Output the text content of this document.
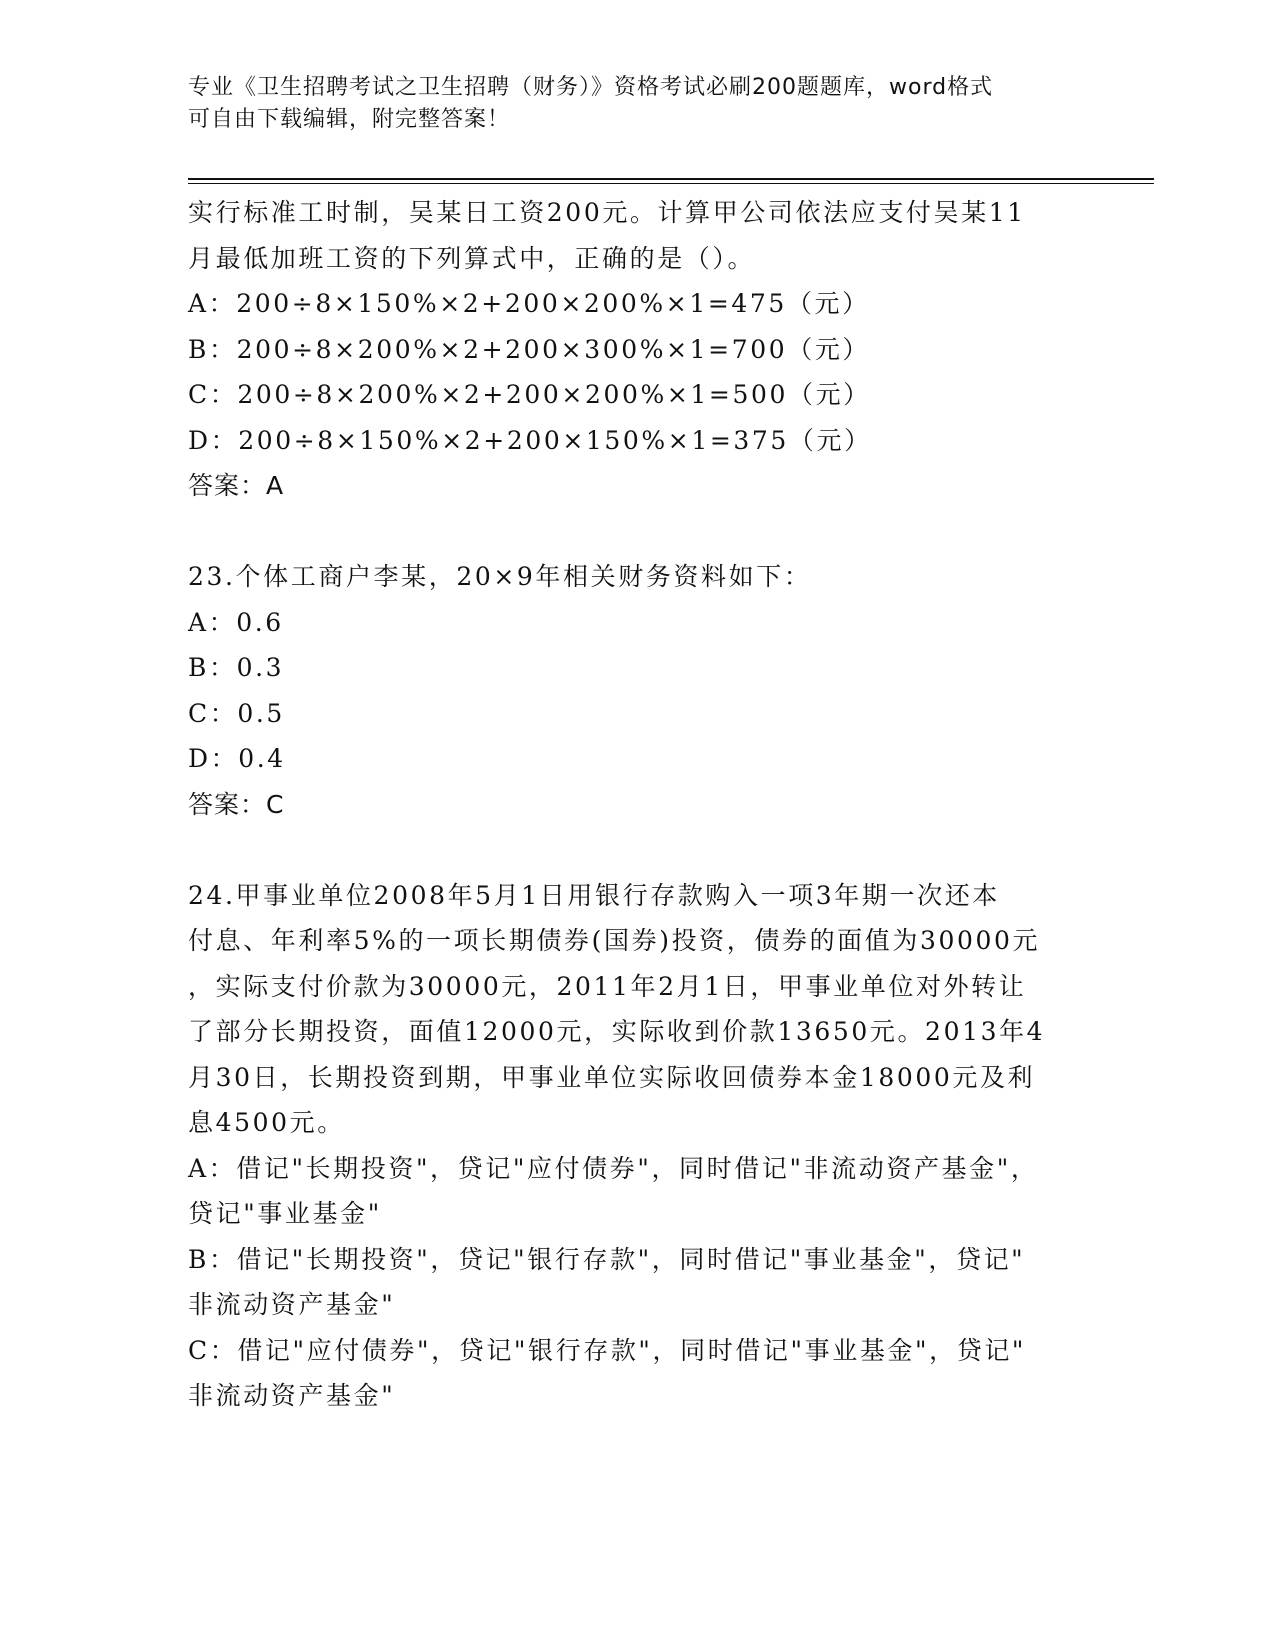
专业《卫生招聘考试之卫生招聘（财务）》资格考试必刷200题题库，word格式
可自由下载编辑，附完整答案！
实行标准工时制，吴某日工资200元。计算甲公司依法应支付吴某11
月最低加班工资的下列算式中，正确的是（）。
A：200÷8×150%×2+200×200%×1=475（元）
B：200÷8×200%×2+200×300%×1=700（元）
C：200÷8×200%×2+200×200%×1=500（元）
D：200÷8×150%×2+200×150%×1=375（元）
答案：A
23.个体工商户李某，20×9年相关财务资料如下：
A：0.6
B：0.3
C：0.5
D：0.4
答案：C
24.甲事业单位2008年5月1日用银行存款购入一项3年期一次还本
付息、年利率5%的一项长期债券(国券)投资，债券的面值为30000元
，实际支付价款为30000元，2011年2月1日，甲事业单位对外转让
了部分长期投资，面值12000元，实际收到价款13650元。2013年4
月30日，长期投资到期，甲事业单位实际收回债券本金18000元及利
息4500元。
A：借记"长期投资"，贷记"应付债券"，同时借记"非流动资产基金"，
贷记"事业基金"
B：借记"长期投资"，贷记"银行存款"，同时借记"事业基金"，贷记"
非流动资产基金"
C：借记"应付债券"，贷记"银行存款"，同时借记"事业基金"，贷记"
非流动资产基金"
